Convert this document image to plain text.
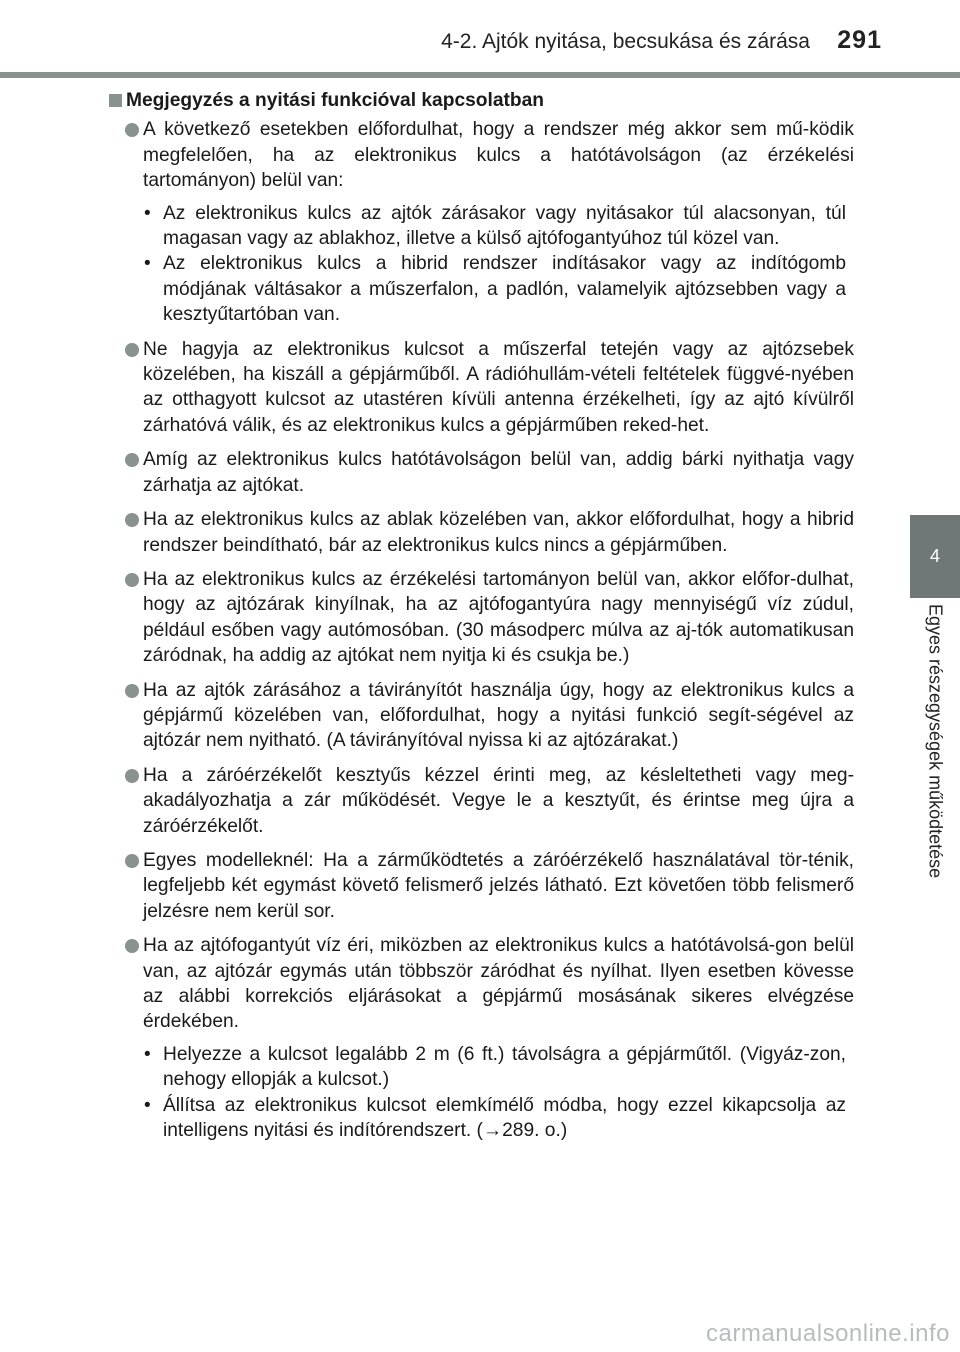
4-2. Ajtók nyitása, becsukása és zárása 291
4
Egyes részegységek működtetése
Megjegyzés a nyitási funkcióval kapcsolatban
A következő esetekben előfordulhat, hogy a rendszer még akkor sem mű-ködik megfelelően, ha az elektronikus kulcs a hatótávolságon (az érzékelési tartományon) belül van:
• Az elektronikus kulcs az ajtók zárásakor vagy nyitásakor túl alacsonyan, túl magasan vagy az ablakhoz, illetve a külső ajtófogantyúhoz túl közel van.
• Az elektronikus kulcs a hibrid rendszer indításakor vagy az indítógomb módjának váltásakor a műszerfalon, a padlón, valamelyik ajtózsebben vagy a kesztyűtartóban van.
Ne hagyja az elektronikus kulcsot a műszerfal tetején vagy az ajtózsebek közelében, ha kiszáll a gépjárműből. A rádióhullám-vételi feltételek függvé-nyében az otthagyott kulcsot az utastéren kívüli antenna érzékelheti, így az ajtó kívülről zárhatóvá válik, és az elektronikus kulcs a gépjárműben reked-het.
Amíg az elektronikus kulcs hatótávolságon belül van, addig bárki nyithatja vagy zárhatja az ajtókat.
Ha az elektronikus kulcs az ablak közelében van, akkor előfordulhat, hogy a hibrid rendszer beindítható, bár az elektronikus kulcs nincs a gépjárműben.
Ha az elektronikus kulcs az érzékelési tartományon belül van, akkor előfor-dulhat, hogy az ajtózárak kinyílnak, ha az ajtófogantyúra nagy mennyiségű víz zúdul, például esőben vagy autómosóban. (30 másodperc múlva az aj-tók automatikusan záródnak, ha addig az ajtókat nem nyitja ki és csukja be.)
Ha az ajtók zárásához a távirányítót használja úgy, hogy az elektronikus kulcs a gépjármű közelében van, előfordulhat, hogy a nyitási funkció segít-ségével az ajtózár nem nyitható. (A távirányítóval nyissa ki az ajtózárakat.)
Ha a záróérzékelőt kesztyűs kézzel érinti meg, az késleltetheti vagy meg-akadályozhatja a zár működését. Vegye le a kesztyűt, és érintse meg újra a záróérzékelőt.
Egyes modelleknél: Ha a zárműködtetés a záróérzékelő használatával tör-ténik, legfeljebb két egymást követő felismerő jelzés látható. Ezt követően több felismerő jelzésre nem kerül sor.
Ha az ajtófogantyút víz éri, miközben az elektronikus kulcs a hatótávolsá-gon belül van, az ajtózár egymás után többször záródhat és nyílhat. Ilyen esetben kövesse az alábbi korrekciós eljárásokat a gépjármű mosásának sikeres elvégzése érdekében.
• Helyezze a kulcsot legalább 2 m (6 ft.) távolságra a gépjárműtől. (Vigyáz-zon, nehogy ellopják a kulcsot.)
• Állítsa az elektronikus kulcsot elemkímélő módba, hogy ezzel kikapcsolja az intelligens nyitási és indítórendszert. (→289. o.)
carmanualsonline.info
